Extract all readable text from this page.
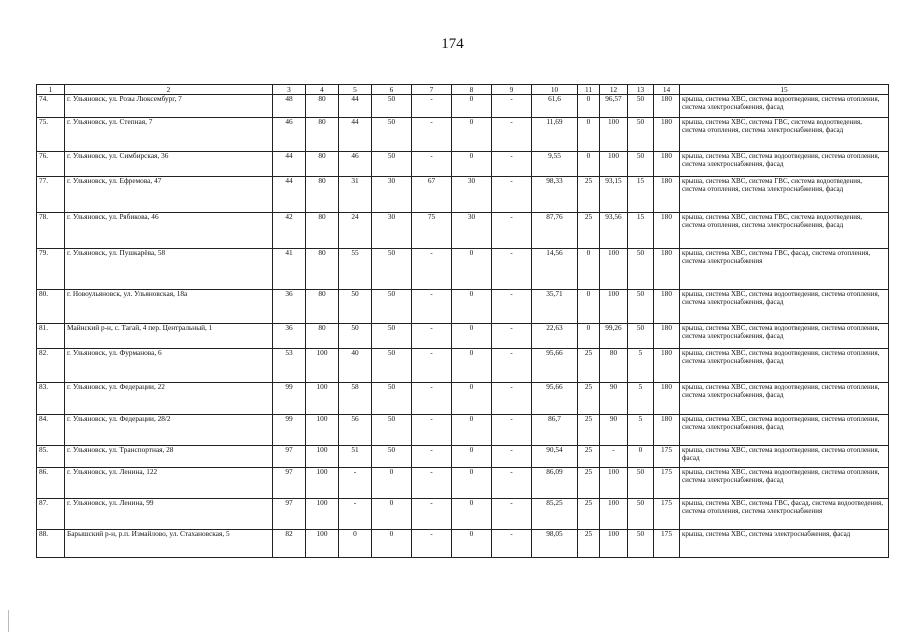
174
1	2	3	4	5	6	7	8	9	10	11	12	13	14	15
74.	г. Ульяновск, ул. Розы Люксембург, 7	48	80	44	50	-	0	-	61,6	0	96,57	50	180	крыша, система ХВС, система водоотведения, система отопления, система электроснабжения, фасад
75.	г. Ульяновск, ул. Степная, 7	46	80	44	50	-	0	-	11,69	0	100	50	180	крыша, система ХВС, система ГВС, система водоотведения, система отопления, система электроснабжения, фасад
76.	г. Ульяновск, ул. Симбирская, 36	44	80	46	50	-	0	-	9,55	0	100	50	180	крыша, система ХВС, система водоотведения, система отопления, система электроснабжения, фасад
77.	г. Ульяновск, ул. Ефремова, 47	44	80	31	30	67	30	-	98,33	25	93,15	15	180	крыша, система ХВС, система ГВС, система водоотведения, система отопления, система электроснабжения, фасад
78.	г. Ульяновск, ул. Рябикова, 46	42	80	24	30	75	30	-	87,76	25	93,56	15	180	крыша, система ХВС, система ГВС, система водоотведения, система отопления, система электроснабжения, фасад
79.	г. Ульяновск, ул. Пушкарёва, 58	41	80	55	50	-	0	-	14,56	0	100	50	180	крыша, система ХВС, система ГВС, фасад, система отопления, система электроснабжения
80.	г. Новоульяновск, ул. Ульяновская, 18а	36	80	50	50	-	0	-	35,71	0	100	50	180	крыша, система ХВС, система водоотведения, система отопления, система электроснабжения, фасад
81.	Майнский р-н, с. Тагай, 4 пер. Центральный, 1	36	80	50	50	-	0	-	22,63	0	99,26	50	180	крыша, система ХВС, система водоотведения, система отопления, система электроснабжения, фасад
82.	г. Ульяновск, ул. Фурманова, 6	53	100	40	50	-	0	-	95,66	25	80	5	180	крыша, система ХВС, система водоотведения, система отопления, система электроснабжения, фасад
83.	г. Ульяновск, ул. Федерации, 22	99	100	58	50	-	0	-	95,66	25	90	5	180	крыша, система ХВС, система водоотведения, система отопления, система электроснабжения, фасад
84.	г. Ульяновск, ул. Федерации, 28/2	99	100	56	50	-	0	-	86,7	25	90	5	180	крыша, система ХВС, система водоотведения, система отопления, система электроснабжения, фасад
85.	г. Ульяновск, ул. Транспортная, 28	97	100	51	50	-	0	-	90,54	25	-	0	175	крыша, система ХВС, система водоотведения, система отопления, фасад
86.	г. Ульяновск, ул. Ленина, 122	97	100	-	0	-	0	-	86,09	25	100	50	175	крыша, система ХВС, система водоотведения, система отопления, система электроснабжения, фасад
87.	г. Ульяновск, ул. Ленина, 99	97	100	-	0	-	0	-	85,25	25	100	50	175	крыша, система ХВС, система ГВС, фасад, система водоотведения, система отопления, система электроснабжения
88.	Барышский р-н, р.п. Измайлово, ул. Стахановская, 5	82	100	0	0	-	0	-	98,05	25	100	50	175	крыша, система ХВС, система электроснабжения, фасад
